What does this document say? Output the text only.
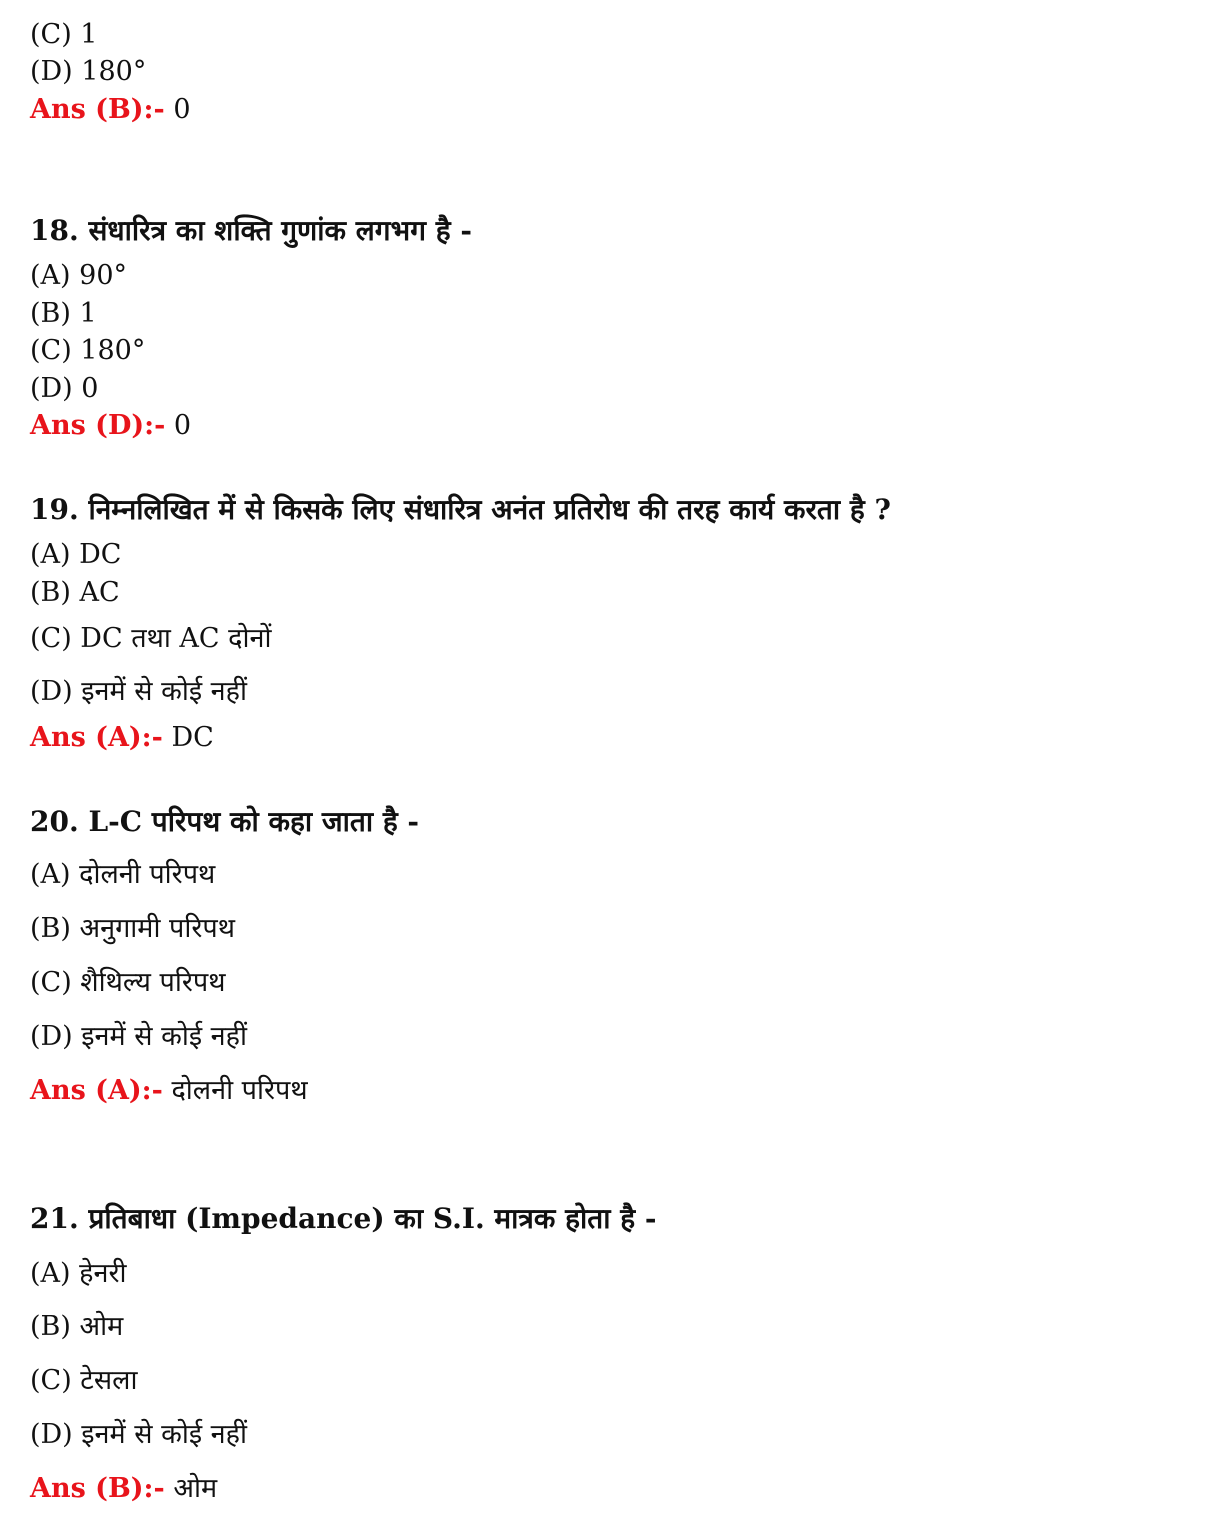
(C) 1
(D) 180°
Ans (B):- 0
18. संधारित्र का शक्ति गुणांक लगभग है -
(A) 90°
(B) 1
(C) 180°
(D) 0
Ans (D):- 0
19. निम्नलिखित में से किसके लिए संधारित्र अनंत प्रतिरोध की तरह कार्य करता है ?
(A) DC
(B) AC
(C) DC तथा AC दोनों
(D) इनमें से कोई नहीं
Ans (A):- DC
20. L-C परिपथ को कहा जाता है -
(A) दोलनी परिपथ
(B) अनुगामी परिपथ
(C) शैथिल्य परिपथ
(D) इनमें से कोई नहीं
Ans (A):- दोलनी परिपथ
21. प्रतिबाधा (Impedance) का S.I. मात्रक होता है -
(A) हेनरी
(B) ओम
(C) टेसला
(D) इनमें से कोई नहीं
Ans (B):- ओम
